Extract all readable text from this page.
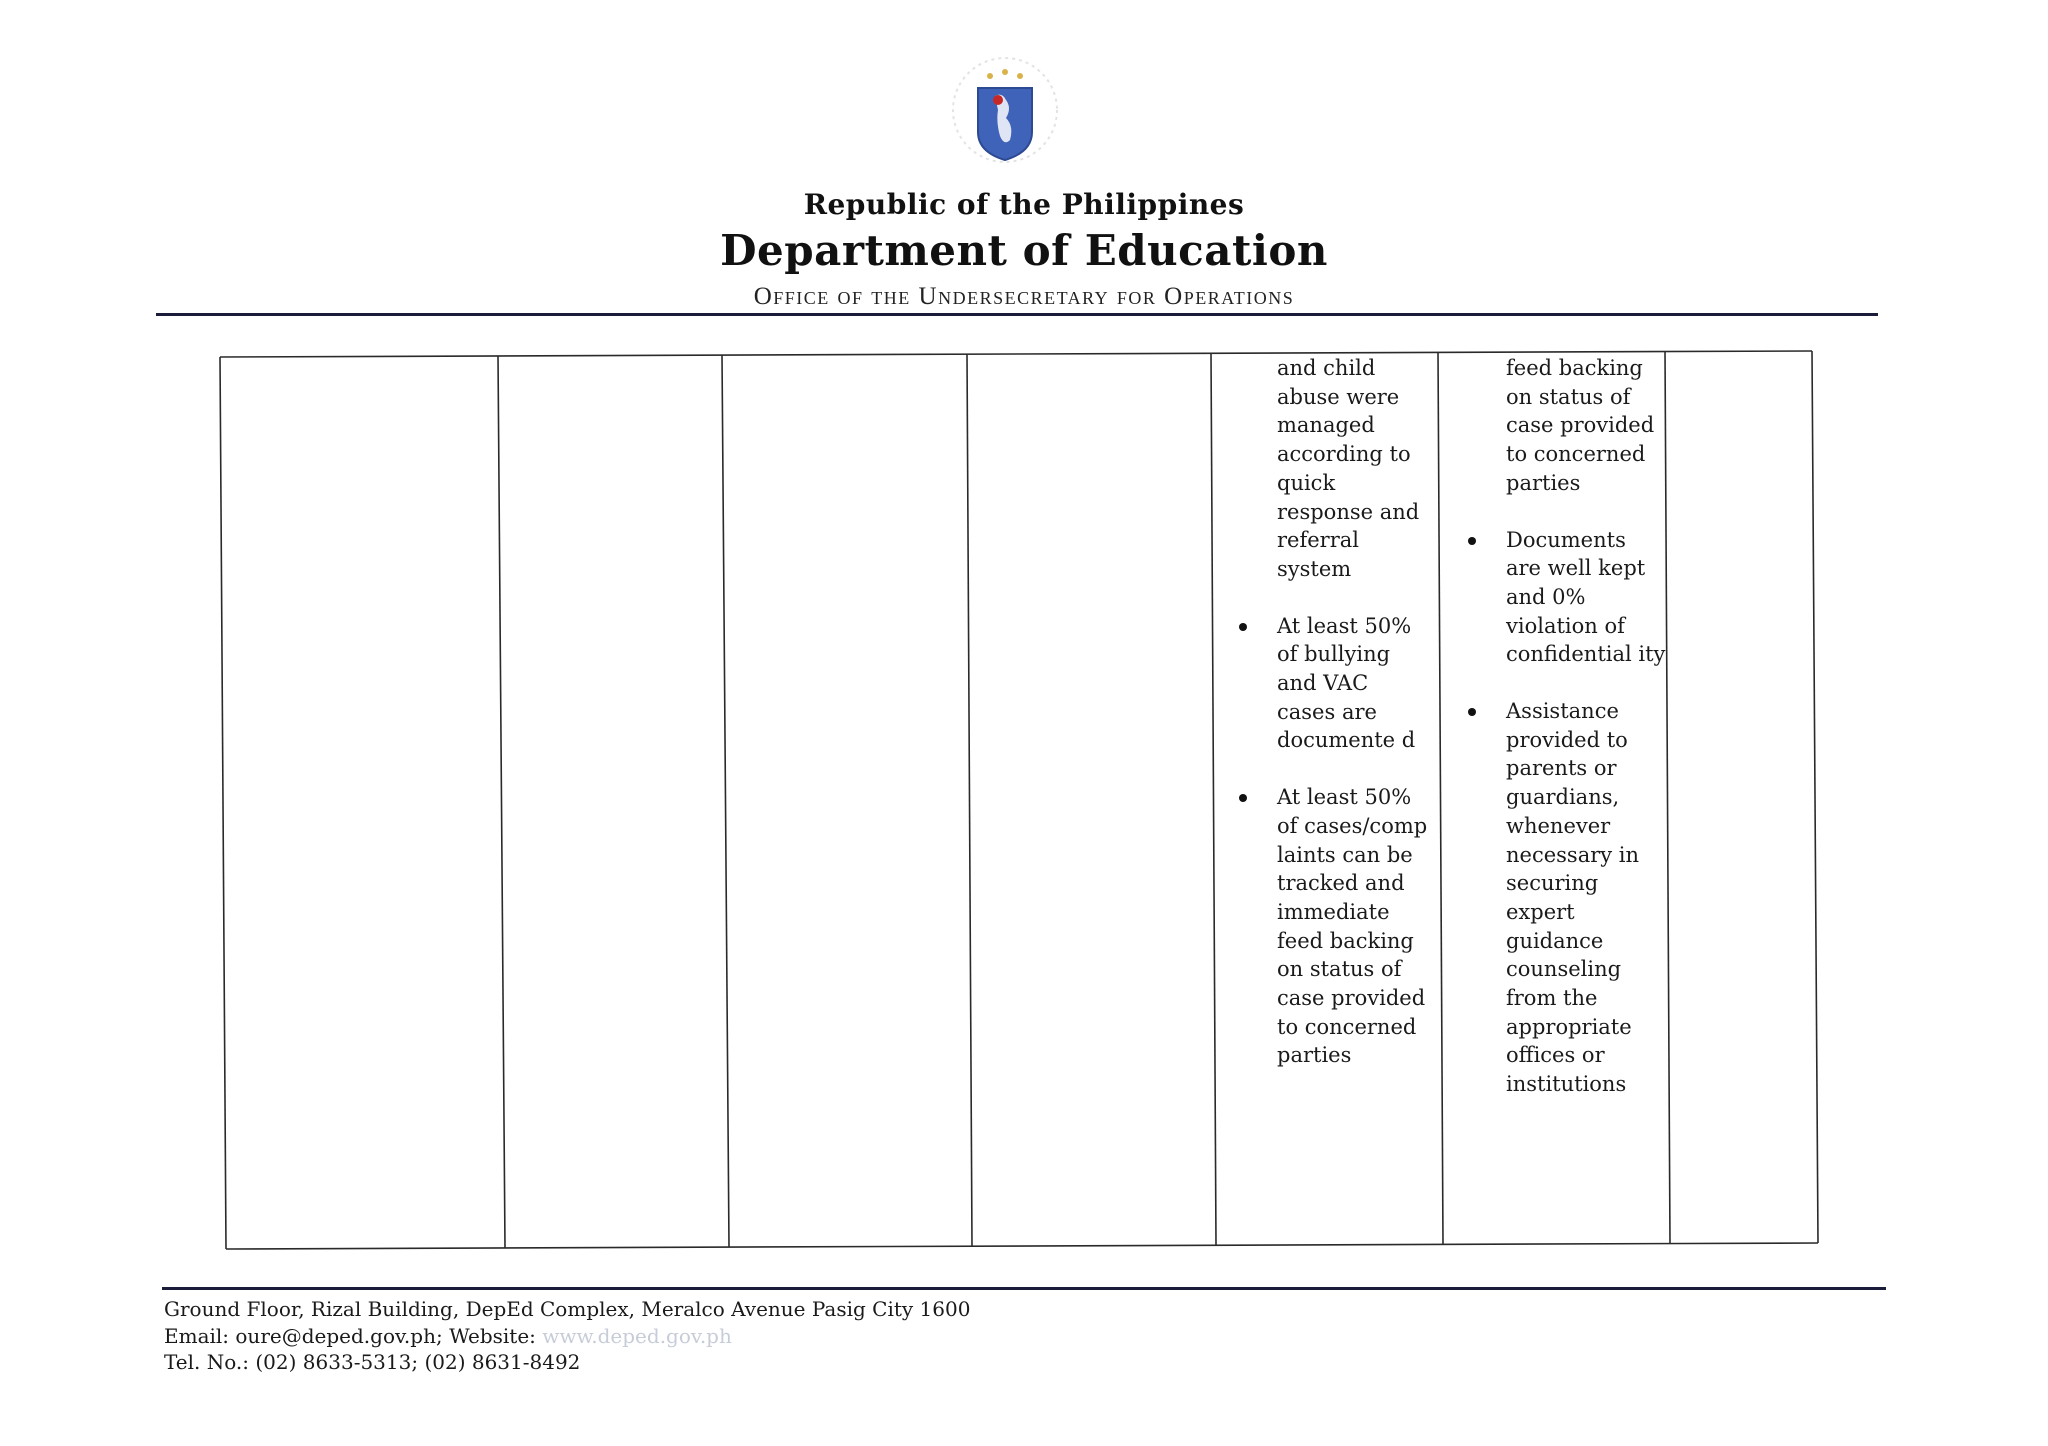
Republic of the Philippines
Department of Education
Office of the Undersecretary for Operations
and child abuse were managed according to quick response and referral system
At least 50% of bullying and VAC cases are documente d
At least 50% of cases/comp laints can be tracked and immediate feed backing on status of case provided to concerned parties
feed backing on status of case provided to concerned parties
Documents are well kept and 0% violation of confidential ity
Assistance provided to parents or guardians, whenever necessary in securing expert guidance counseling from the appropriate offices or institutions
Ground Floor, Rizal Building, DepEd Complex, Meralco Avenue Pasig City 1600
Email: oure@deped.gov.ph; Website: www.deped.gov.ph
Tel. No.: (02) 8633-5313; (02) 8631-8492
